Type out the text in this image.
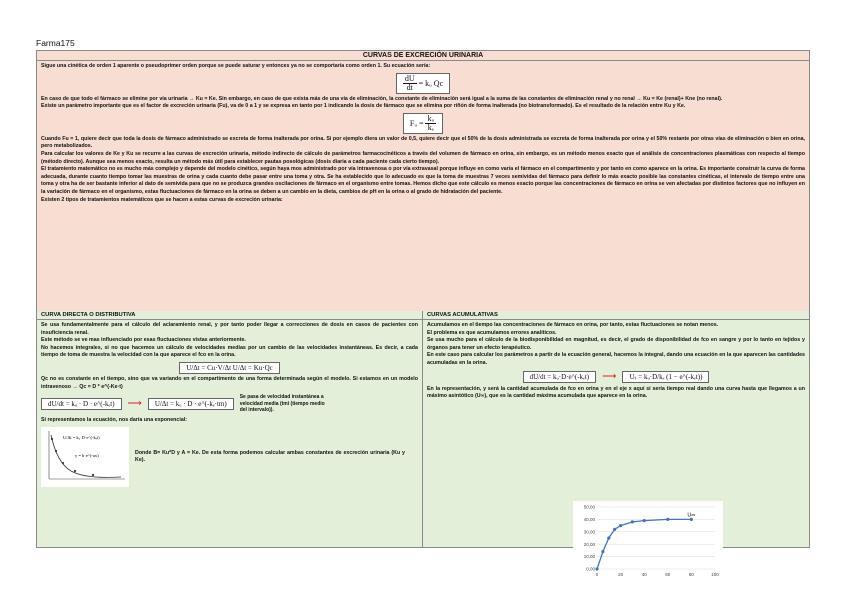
Farma175
CURVAS DE EXCRECIÓN URINARIA

Sigue una cinética de orden 1 aparente o pseudoprimer orden porque se puede saturar y entonces ya no se comportaría como orden 1. Su ecuación sería:

$\frac{dU}{dt}$ = kᵤ Qc

En caso de que todo el fármaco se elimine por vía urinaria → Ku = Ke. Sin embargo, en caso de que exista más de una vía de eliminación, la constante de eliminación será igual a la suma de las constantes de eliminación renal y no renal → Ku = Ke (renal)+ Kne (no renal).

Existe un parámetro importante que es el factor de excreción urinaria (Fu), va de 0 a 1 y se expresa en tanto por 1 indicando la dosis de fármaco que se elimina por riñón de forma inalterada (no biotransformado). Es el resultado de la relación entre Ku y Ke.

Fᵤ = $\frac{\text{kᵤ}}{\text{kₑ}}$

Cuando Fu = 1, quiere decir que toda la dosis de fármaco administrado se excreta de forma inalterada por orina. Si por ejemplo diera un valor de 0,5, quiere decir que el 50% de la dosis administrada se excreta de forma inalterada por orina y el 50% restante por otras vías de eliminación o bien en orina, pero metabolizados.

Para calcular los valores de Ke y Ku se recurre a las curvas de excreción urinaria, método indirecto de cálculo de parámetros farmacocinéticos a través del volumen de fármaco en orina, sin embargo, es un método menos exacto que el análisis de concentraciones plasmáticas con respecto al tiempo (método directo). Aunque sea menos exacto, resulta un método más útil para establecer pautas posológicas (dosis diaria a cada paciente cada cierto tiempo).

El tratamiento matemático no es mucho más complejo y depende del modelo cinético, según haya mos administrado por vía intravenosa o por vía extravasal porque influye en como varía el fármaco en el compartimento y por tanto en como aparece en la orina. Es importante construir la curva de forma adecuada, durante cuanto tiempo tomar las muestras de orina y cada cuanto debe pasar entre una toma y otra. Se ha establecido que lo adecuado es que la toma de muestras 7 veces semividas del fármaco para definir lo más exacto posible las constantes cinéticas, el intervalo de tiempo entre una toma y otra ha de ser bastante inferior al dato de semivida para que no se produzca grandes oscilaciones de fármaco en el organismo entre tomas. Hemos dicho que este cálculo es menos exacto porque las concentraciones de fármaco en orina se ven afectadas por distintos factores que no influyen en la variación de fármaco en el organismo, estas fluctuaciones de fármaco en la orina se deben a un cambio en la dieta, cambios de pH en la orina o al grado de hidratación del paciente.

Existen 2 tipos de tratamientos matemáticos que se hacen a estas curvas de excreción urinaria:

CURVA DIRECTA O DISTRIBUTIVA

Se usa fundamentalmente para el cálculo del aclaramiento renal, y por tanto poder llegar a correcciones de dosis en casos de pacientes con insuficiencia renal.

Este método se ve mas influenciado por esas fluctuaciones vistas anteriormente.

No hacemos integrales, si no que hacemos un cálculo de velocidades medias por un cambio de las velocidades instantáneas. Es decir, a cada tiempo de toma de muestra la velocidad con la que aparece el fco en la orina.

U/Δt = Cu·V/Δt U/Δt = Ku·Qc

Qc no es constante en el tiempo, sino que va variando en el compartimento de una forma determinada según el modelo. Si estamos en un modelo intravenoso → Qc = D * e^(-Ke·t)

dU/dt = kᵤ · D · e^(-kₑt)	⟶	U/Δt = kᵤ · D · e^(-kₑ·tm)
Se pasa de velocidad instantánea a velocidad media (tmi (tiempo medio del intervalo)).

Si representamos la ecuación, nos daría una exponencial:

U/Δt = kᵤ·D·e^(-kₑt)
y = b·e^(-ax)

Donde B= Ku*D y A = Ke. De esta forma podemos calcular ambas constantes de excreción urinaria (Ku y Ke).

CURVAS ACUMULATIVAS

Acumulamos en el tiempo las concentraciones de fármaco en orina, por tanto, estas fluctuaciones se notan menos.

El problema es que acumulamos errores analíticos.

Se usa mucho para el cálculo de la biodisponibilidad en magnitud, es decir, el grado de disponibilidad de fco en sangre y por lo tanto en tejidos y órganos para tener un efecto terapéutico.

En este caso para calcular los parámetros a partir de la ecuación general, hacemos la integral, dando una ecuación en la que aparecen las cantidades acumuladas en la orina.

dU/dt = kᵤ·D·e^(-kₑt)	⟶	Uₜ = kᵤ·D/kₑ (1 − e^(-kₑt))

En la representación, y será la cantidad acumulada de fco en orina y en el eje x aquí sí sería tiempo real dando una curva hasta que llegamos a un máximo asintótico (U∞), que es la cantidad máxima acumulada que aparece en la orina.

0,00
10,00
20,00
30,00
40,00
50,00
0	20	40	60	80	100
U∞
